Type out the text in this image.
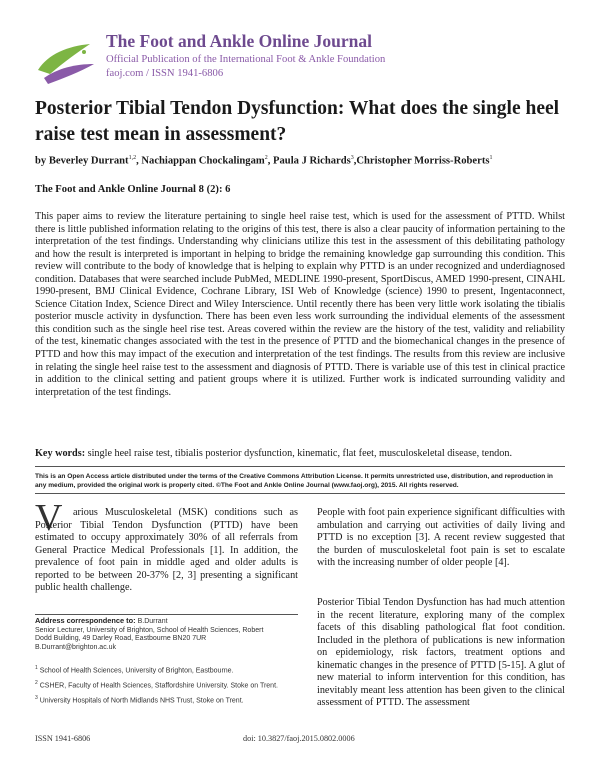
The Foot and Ankle Online Journal
Official Publication of the International Foot & Ankle Foundation
faoj.com / ISSN 1941-6806
Posterior Tibial Tendon Dysfunction: What does the single heel raise test mean in assessment?
by Beverley Durrant$^{1,2}$, Nachiappan Chockalingam$^2$, Paula J Richards$^3$,Christopher Morriss-Roberts$^1$
The Foot and Ankle Online Journal 8 (2): 6
This paper aims to review the literature pertaining to single heel raise test, which is used for the assessment of PTTD. Whilst there is little published information relating to the origins of this test, there is also a clear paucity of information pertaining to the interpretation of the test findings. Understanding why clinicians utilize this test in the assessment of this debilitating pathology and how the result is interpreted is important in helping to bridge the remaining knowledge gap surrounding this condition. This review will contribute to the body of knowledge that is helping to explain why PTTD is an under recognized and underdiagnosed condition. Databases that were searched include PubMed, MEDLINE 1990-present, SportDiscus, AMED 1990-present, CINAHL 1990-present, BMJ Clinical Evidence, Cochrane Library, ISI Web of Knowledge (science) 1990 to present, Ingentaconnect, Science Citation Index, Science Direct and Wiley Interscience. Until recently there has been very little work isolating the tibialis posterior muscle activity in dysfunction. There has been even less work surrounding the individual elements of the assessment this condition such as the single heel rise test. Areas covered within the review are the history of the test, validity and reliability of the test, kinematic changes associated with the test in the presence of PTTD and the biomechanical changes in the presence of PTTD and how this may impact of the execution and interpretation of the test findings. The results from this review are inclusive in relating the single heel raise test to the assessment and diagnosis of PTTD. There is variable use of this test in clinical practice in addition to the clinical setting and patient groups where it is utilized. Further work is indicated surrounding validity and interpretation of the test findings.
Key words: single heel raise test, tibialis posterior dysfunction, kinematic, flat feet, musculoskeletal disease, tendon.
This is an Open Access article distributed under the terms of the Creative Commons Attribution License. It permits unrestricted use, distribution, and reproduction in any medium, provided the original work is properly cited. ©The Foot and Ankle Online Journal (www.faoj.org), 2015. All rights reserved.
V	arious Musculoskeletal (MSK) conditions such as Posterior Tibial Tendon Dysfunction (PTTD) have been estimated to occupy approximately 30% of all referrals from General Practice Medical Professionals [1]. In addition, the prevalence of foot pain in middle aged and older adults is reported to be between 20-37% [2, 3] presenting a significant public health challenge.
Address correspondence to: B.Durrant
Senior Lecturer, University of Brighton, School of Health Sciences, Robert
Dodd Building, 49 Darley Road, Eastbourne BN20 7UR
B.Durrant@brighton.ac.uk
$^1$ School of Health Sciences, University of Brighton, Eastbourne.
$^2$ CSHER, Faculty of Health Sciences, Staffordshire University. Stoke on Trent.
$^3$ University Hospitals of North Midlands NHS Trust, Stoke on Trent.
People with foot pain experience significant difficulties with ambulation and carrying out activities of daily living and PTTD is no exception [3]. A recent review suggested that the burden of musculoskeletal foot pain is set to escalate with the increasing number of older people [4].
Posterior Tibial Tendon Dysfunction has had much attention in the recent literature, exploring many of the complex facets of this disabling pathological flat foot condition. Included in the plethora of publications is new information on epidemiology, risk factors, treatment options and kinematic changes in the presence of PTTD [5-15]. A glut of new material to inform intervention for this condition, has inevitably meant less attention has been given to the clinical assessment of PTTD. The assessment
ISSN 1941-6806	doi: 10.3827/faoj.2015.0802.0006
